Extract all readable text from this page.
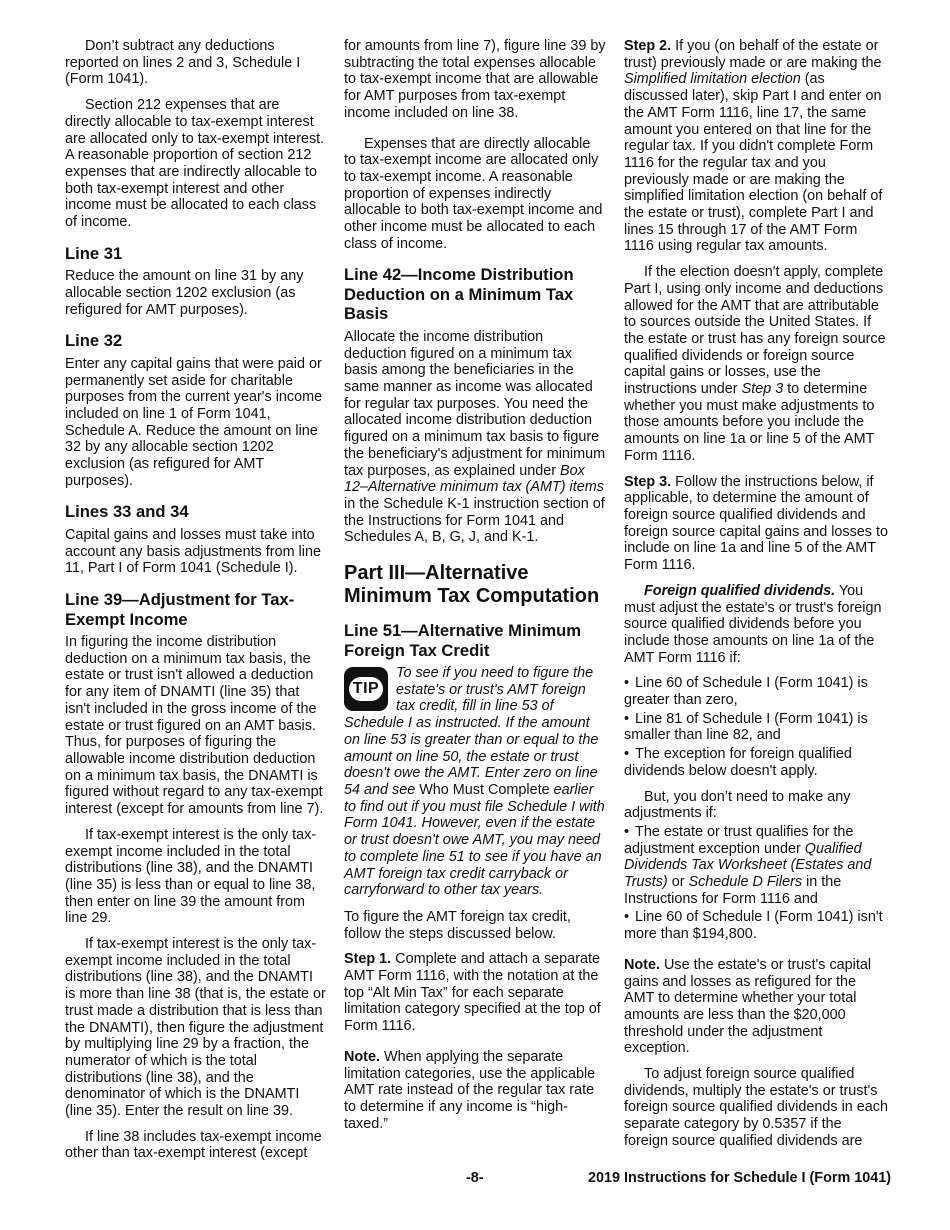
Don’t subtract any deductions reported on lines 2 and 3, Schedule I (Form 1041).

Section 212 expenses that are directly allocable to tax-exempt interest are allocated only to tax-exempt interest. A reasonable proportion of section 212 expenses that are indirectly allocable to both tax-exempt interest and other income must be allocated to each class of income.

Line 31

Reduce the amount on line 31 by any allocable section 1202 exclusion (as refigured for AMT purposes).

Line 32

Enter any capital gains that were paid or permanently set aside for charitable purposes from the current year's income included on line 1 of Form 1041, Schedule A. Reduce the amount on line 32 by any allocable section 1202 exclusion (as refigured for AMT purposes).

Lines 33 and 34

Capital gains and losses must take into account any basis adjustments from line 11, Part I of Form 1041 (Schedule I).

Line 39—Adjustment for Tax-Exempt Income

In figuring the income distribution deduction on a minimum tax basis, the estate or trust isn't allowed a deduction for any item of DNAMTI (line 35) that isn't included in the gross income of the estate or trust figured on an AMT basis. Thus, for purposes of figuring the allowable income distribution deduction on a minimum tax basis, the DNAMTI is figured without regard to any tax-exempt interest (except for amounts from line 7).

If tax-exempt interest is the only tax-exempt income included in the total distributions (line 38), and the DNAMTI (line 35) is less than or equal to line 38, then enter on line 39 the amount from line 29.

If tax-exempt interest is the only tax-exempt income included in the total distributions (line 38), and the DNAMTI is more than line 38 (that is, the estate or trust made a distribution that is less than the DNAMTI), then figure the adjustment by multiplying line 29 by a fraction, the numerator of which is the total distributions (line 38), and the denominator of which is the DNAMTI (line 35). Enter the result on line 39.

If line 38 includes tax-exempt income other than tax-exempt interest (except

for amounts from line 7), figure line 39 by subtracting the total expenses allocable to tax-exempt income that are allowable for AMT purposes from tax-exempt income included on line 38.

Expenses that are directly allocable to tax-exempt income are allocated only to tax-exempt income. A reasonable proportion of expenses indirectly allocable to both tax-exempt income and other income must be allocated to each class of income.

Line 42—Income Distribution Deduction on a Minimum Tax Basis

Allocate the income distribution deduction figured on a minimum tax basis among the beneficiaries in the same manner as income was allocated for regular tax purposes. You need the allocated income distribution deduction figured on a minimum tax basis to figure the beneficiary's adjustment for minimum tax purposes, as explained under Box 12–Alternative minimum tax (AMT) items in the Schedule K-1 instruction section of the Instructions for Form 1041 and Schedules A, B, G, J, and K-1.

Part III—Alternative Minimum Tax Computation
Line 51—Alternative Minimum Foreign Tax Credit
TIP
To see if you need to figure the estate's or trust's AMT foreign tax credit, fill in line 53 of Schedule I as instructed. If the amount on line 53 is greater than or equal to the amount on line 50, the estate or trust doesn't owe the AMT. Enter zero on line 54 and see Who Must Complete earlier to find out if you must file Schedule I with Form 1041. However, even if the estate or trust doesn't owe AMT, you may need to complete line 51 to see if you have an AMT foreign tax credit carryback or carryforward to other tax years.

To figure the AMT foreign tax credit, follow the steps discussed below.

Step 1. Complete and attach a separate AMT Form 1116, with the notation at the top “Alt Min Tax” for each separate limitation category specified at the top of Form 1116.

Note. When applying the separate limitation categories, use the applicable AMT rate instead of the regular tax rate to determine if any income is “high-taxed.”

Step 2. If you (on behalf of the estate or trust) previously made or are making the Simplified limitation election (as discussed later), skip Part I and enter on the AMT Form 1116, line 17, the same amount you entered on that line for the regular tax. If you didn't complete Form 1116 for the regular tax and you previously made or are making the simplified limitation election (on behalf of the estate or trust), complete Part I and lines 15 through 17 of the AMT Form 1116 using regular tax amounts.

If the election doesn't apply, complete Part I, using only income and deductions allowed for the AMT that are attributable to sources outside the United States. If the estate or trust has any foreign source qualified dividends or foreign source capital gains or losses, use the instructions under Step 3 to determine whether you must make adjustments to those amounts before you include the amounts on line 1a or line 5 of the AMT Form 1116.

Step 3. Follow the instructions below, if applicable, to determine the amount of foreign source qualified dividends and foreign source capital gains and losses to include on line 1a and line 5 of the AMT Form 1116.

Foreign qualified dividends. You must adjust the estate's or trust's foreign source qualified dividends before you include those amounts on line 1a of the AMT Form 1116 if:

• Line 60 of Schedule I (Form 1041) is greater than zero,
• Line 81 of Schedule I (Form 1041) is smaller than line 82, and
• The exception for foreign qualified dividends below doesn't apply.

But, you don’t need to make any adjustments if:

• The estate or trust qualifies for the adjustment exception under Qualified Dividends Tax Worksheet (Estates and Trusts) or Schedule D Filers in the Instructions for Form 1116 and
• Line 60 of Schedule I (Form 1041) isn't more than $194,800.

Note. Use the estate's or trust's capital gains and losses as refigured for the AMT to determine whether your total amounts are less than the $20,000 threshold under the adjustment exception.

To adjust foreign source qualified dividends, multiply the estate's or trust's foreign source qualified dividends in each separate category by 0.5357 if the foreign source qualified dividends are

-8-	2019 Instructions for Schedule I (Form 1041)
